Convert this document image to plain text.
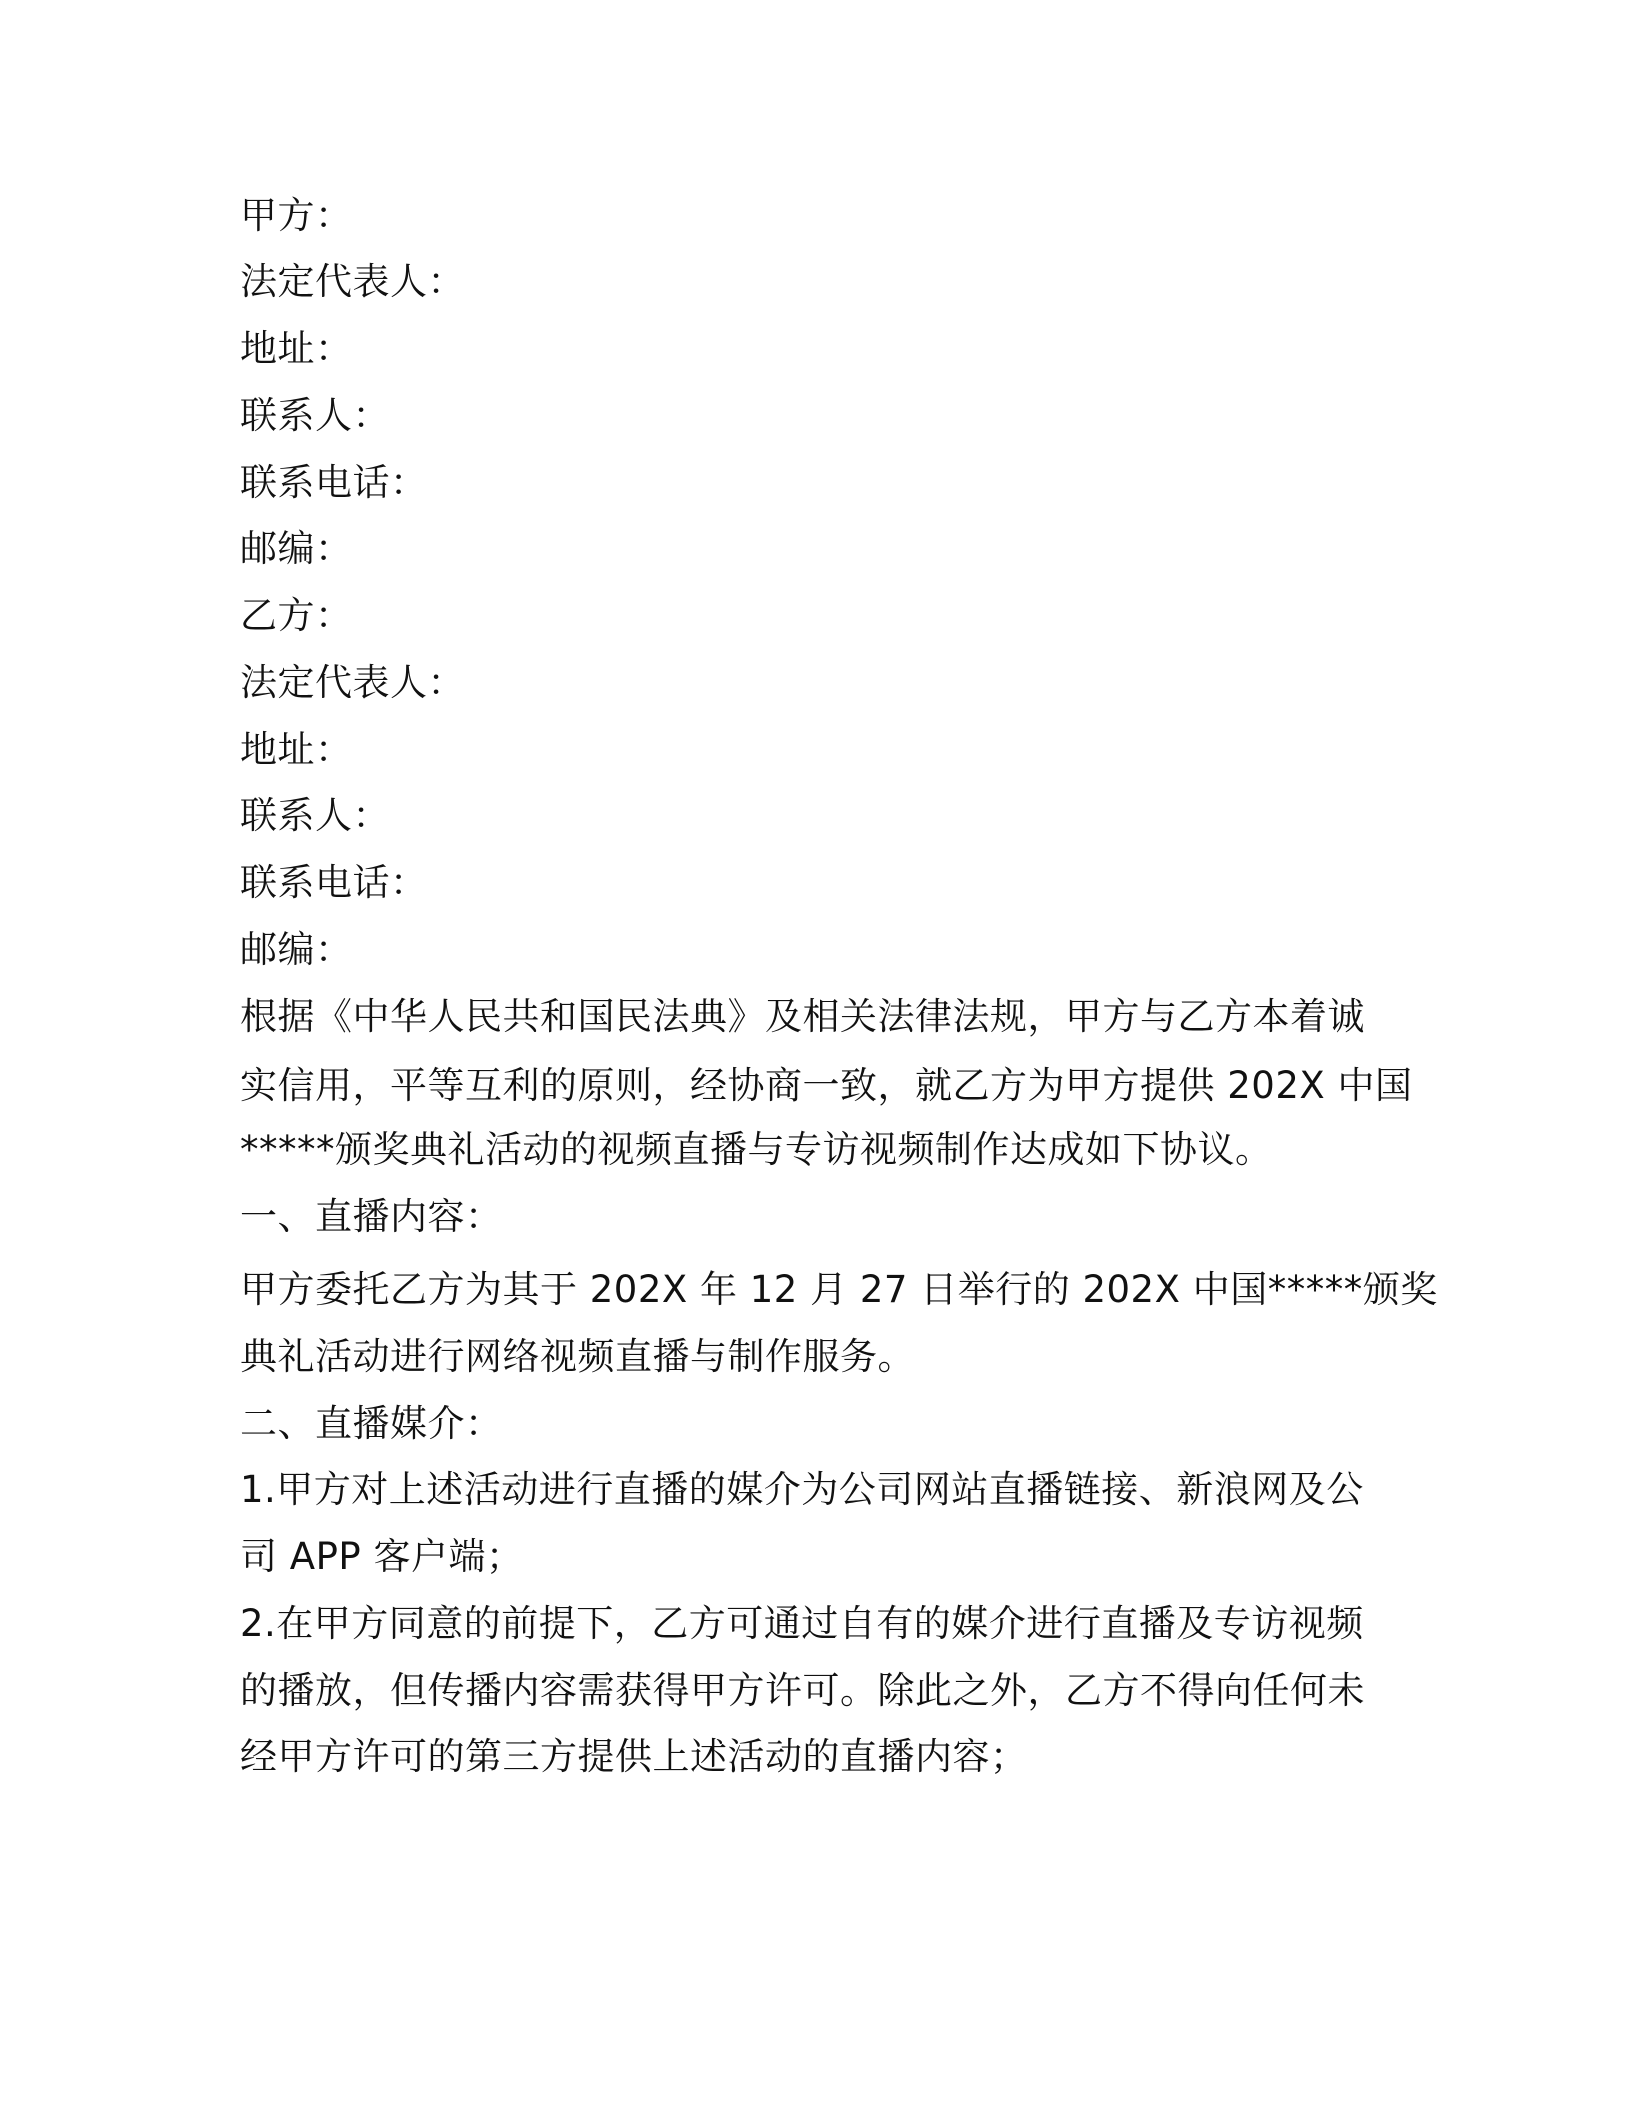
甲方：
法定代表人：
地址：
联系人：
联系电话：
邮编：
乙方：
法定代表人：
地址：
联系人：
联系电话：
邮编：
根据《中华人民共和国民法典》及相关法律法规，甲方与乙方本着诚
实信用，平等互利的原则，经协商一致，就乙方为甲方提供 202X 中国
*****颁奖典礼活动的视频直播与专访视频制作达成如下协议。
一、直播内容：
甲方委托乙方为其于 202X 年 12 月 27 日举行的 202X 中国*****颁奖
典礼活动进行网络视频直播与制作服务。
二、直播媒介：
1.甲方对上述活动进行直播的媒介为公司网站直播链接、新浪网及公
司 APP 客户端；
2.在甲方同意的前提下，乙方可通过自有的媒介进行直播及专访视频
的播放，但传播内容需获得甲方许可。除此之外，乙方不得向任何未
经甲方许可的第三方提供上述活动的直播内容；
